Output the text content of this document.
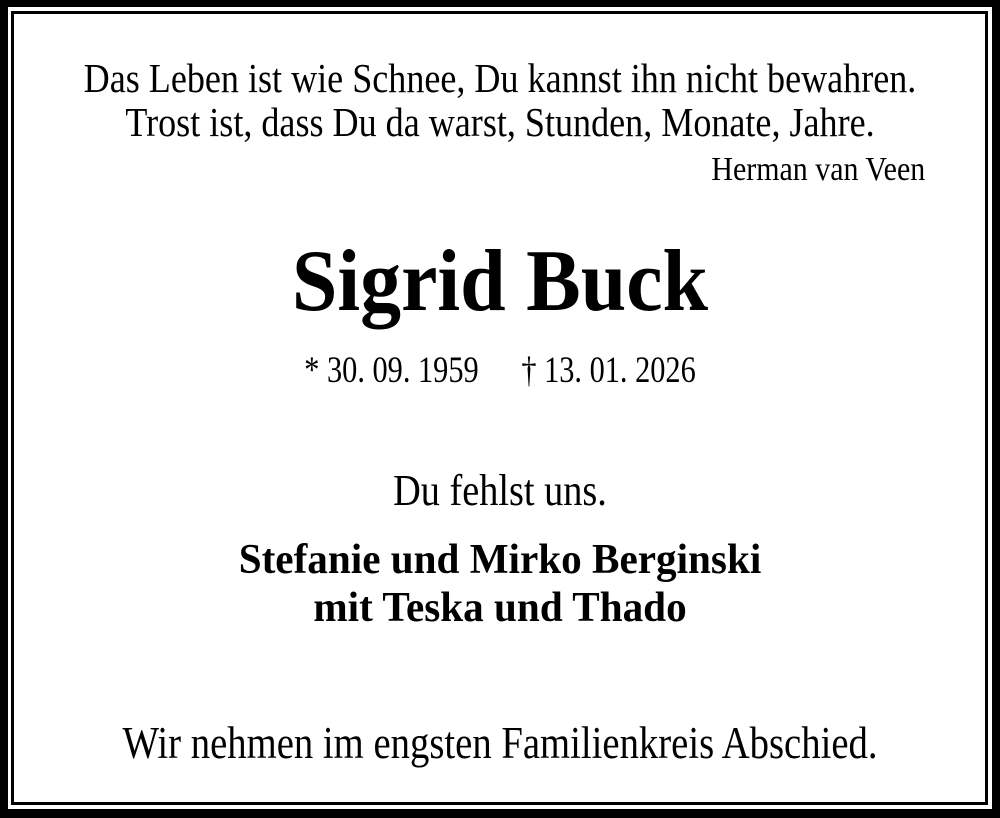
Das Leben ist wie Schnee, Du kannst ihn nicht bewahren.
Trost ist, dass Du da warst, Stunden, Monate, Jahre.
Herman van Veen
Sigrid Buck
* 30. 09. 1959 † 13. 01. 2026
Du fehlst uns.
Stefanie und Mirko Berginski
mit Teska und Thado
Wir nehmen im engsten Familienkreis Abschied.
